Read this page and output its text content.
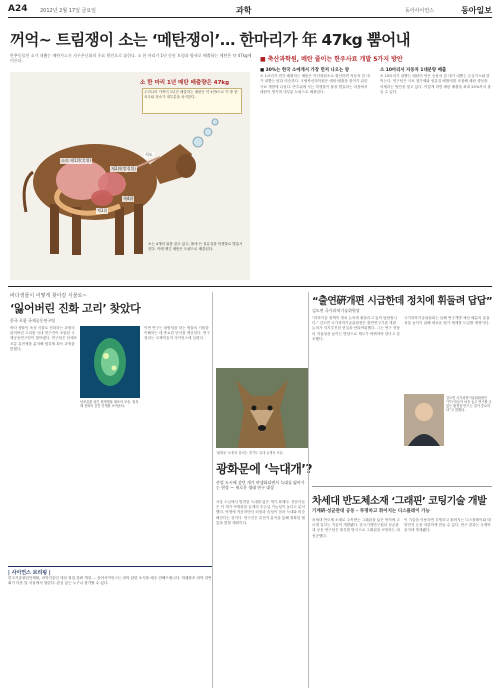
A24	2012년 2월 17일 금요일	과학	동아사이언스	동아일보
꺼억~ 트림쟁이 소는 ‘메탄쟁이’… 한마리가 年 47kg 뿜어내
반추동물인 소가 내뿜는 메탄가스가 지구온난화의 주요 원인으로 꼽힌다. 소 한 마리가 1년 동안 트림과 방귀로 배출하는 메탄은 약 47kg에 이른다.
소 한 마리 1년 메탄 배출량은 47kg
우리나라 가축이 1년간 배출하는 메탄은 약 4만t으로 이 중 한·육우와 젖소가 대부분을 차지한다.
소의 제1위(혹위)
제2위(벌집위)
제3위
제4위
식도
소는 4개의 위를 갖고 있고, 풀에 든 섬유질을 미생물로 발효시킨다. 이때 생긴 메탄은 트림으로 배출된다.
■ 축산과학원, 메탄 줄이는 한우사료 개발 5가지 방안
■ 30%는 한국 소에게서 가장 먼저 나오는 양

소 1마리가 연간 배출하는 메탄은 이산화탄소로 환산하면 자동차 한 대가 내뿜는 양과 비슷하다. 국립축산과학원은 메탄 배출을 줄이기 위한 사료 개발에 나섰다. 반추위에 사는 미생물이 풀을 발효하는 과정에서 메탄이 생기며 대부분 트림으로 배출된다.

소 10마리서 자동차 1대분량 배출

소 10마리가 내뿜는 메탄의 양은 승용차 한 대가 내뿜는 온실가스와 맞먹는다. 연구팀은 사료 첨가제와 섬유질 배합비를 조절해 메탄 생성을 억제하는 방안을 찾고 있다. 이렇게 하면 메탄 배출을 최대 20%까지 줄일 수 있다.

바다생물이 어떻게 찾아갈 식물로~
‘잃어버린 진화 고리’ 찾았다
한국 포함 국제공동연구팀
바다 생물이 육상 식물로 진화하는 과정의 잃어버린 고리를 국내 연구진이 포함된 국제공동연구팀이 찾아냈다. 연구팀은 단세포 조류 유전체를 분석해 엽록체 획득 과정을 밝혔다.
이번 연구는 광합성을 하는 생물의 기원을 이해하는 데 중요한 단서를 제공한다. 연구 결과는 국제학술지 사이언스에 실렸다.
남조류를 삼킨 원생생물 세포의 모습. 엽록체 진화의 중간 단계를 보여준다.
| 사이언스 브리핑 |
한국기술창업인재원, 과학기술인 대상 창업 강좌 개설 … 동아사이언스는 과학 관련 소식을 매주 전해드립니다. 미래창조 과학 강연회가 다음 달 서울에서 열린다. 관심 있는 누구나 참가할 수 있다.
‘광화문 늑대’라 불리는 경기도 일대 들개의 모습.
광화문에 ‘늑대개’?
산업 도시에 살던 개가 야생화되면서 늑대를 닮아가는 현상 — 새로운 생태 연구 대상
서울 도심에서 발견된 늑대를 닮은 개가 화제다. 전문가들은 이 개가 야생화된 들개의 후손일 가능성이 높다고 분석했다. 야생에 적응하면서 외형과 습성이 점차 늑대와 비슷해진다는 것이다. 연구진은 유전자 분석을 통해 정확한 혈통을 밝힐 계획이다.
“출연硏개편 시급한데 정치에 휘둘려 답답”
김도연 국가과학기술위원장
“과학기술 정책이 정치 논리에 휘둘리고 있어 답답합니다.” 김도연 국가과학기술위원장은 출연연구기관 개편 논의가 지지부진한 현실을 안타까워했다. 그는 연구 현장의 자율성을 높이는 방향으로 제도가 바뀌어야 한다고 강조했다.
국가과학기술위원회는 올해 연구개발 예산 배분의 효율성을 높이기 위해 새로운 평가 체계를 도입할 예정이다.
김도연 국가과학기술위원장은 “연구자들이 마음 놓고 연구할 수 있는 환경을 만드는 것이 중요하다”고 말했다.
차세대 반도체소재 ‘그래핀’ 코팅기술 개발
기계硏·성균관대 공동 – 투명하고 휘어지는 디스플레이 가능
차세대 반도체 소재로 주목받는 그래핀을 넓은 면적에 고르게 입히는 기술이 개발됐다. 한국기계연구원과 성균관대 공동 연구팀은 롤투롤 방식으로 그래핀을 코팅하는 데 성공했다.
이 기술을 이용하면 투명하고 휘어지는 디스플레이와 태양전지 등을 저렴하게 만들 수 있다. 연구 결과는 국제학술지에 게재됐다.
